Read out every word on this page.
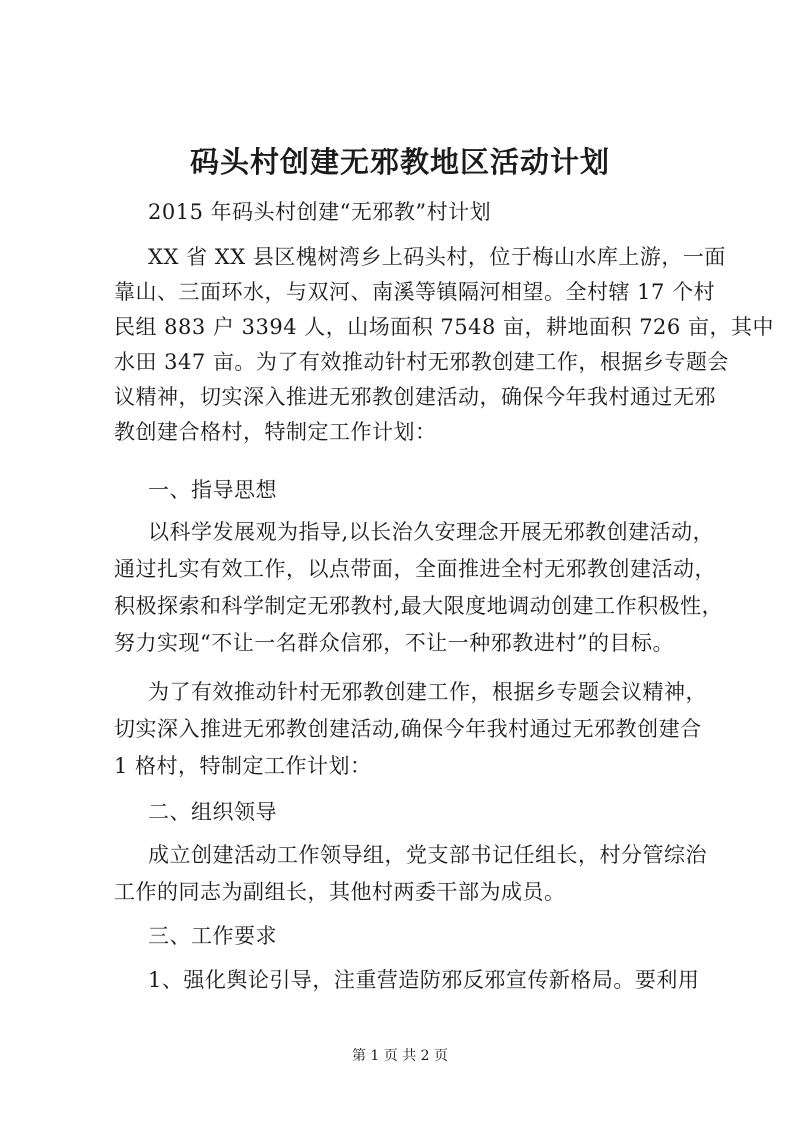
码头村创建无邪教地区活动计划
2015 年码头村创建“无邪教”村计划
XX 省 XX 县区槐树湾乡上码头村，位于梅山水库上游，一面
靠山、三面环水，与双河、南溪等镇隔河相望。全村辖 17 个村
民组 883 户 3394 人，山场面积 7548 亩，耕地面积 726 亩，其中
水田 347 亩。为了有效推动针村无邪教创建工作，根据乡专题会
议精神，切实深入推进无邪教创建活动，确保今年我村通过无邪
教创建合格村，特制定工作计划：
一、指导思想
以科学发展观为指导,以长治久安理念开展无邪教创建活动，
通过扎实有效工作，以点带面，全面推进全村无邪教创建活动，
积极探索和科学制定无邪教村,最大限度地调动创建工作积极性，
努力实现“不让一名群众信邪，不让一种邪教进村”的目标。
为了有效推动针村无邪教创建工作，根据乡专题会议精神，
切实深入推进无邪教创建活动,确保今年我村通过无邪教创建合
1 格村，特制定工作计划：
二、组织领导
成立创建活动工作领导组，党支部书记任组长，村分管综治
工作的同志为副组长，其他村两委干部为成员。
三、工作要求
1、强化舆论引导，注重营造防邪反邪宣传新格局。要利用
第 1 页 共 2 页
